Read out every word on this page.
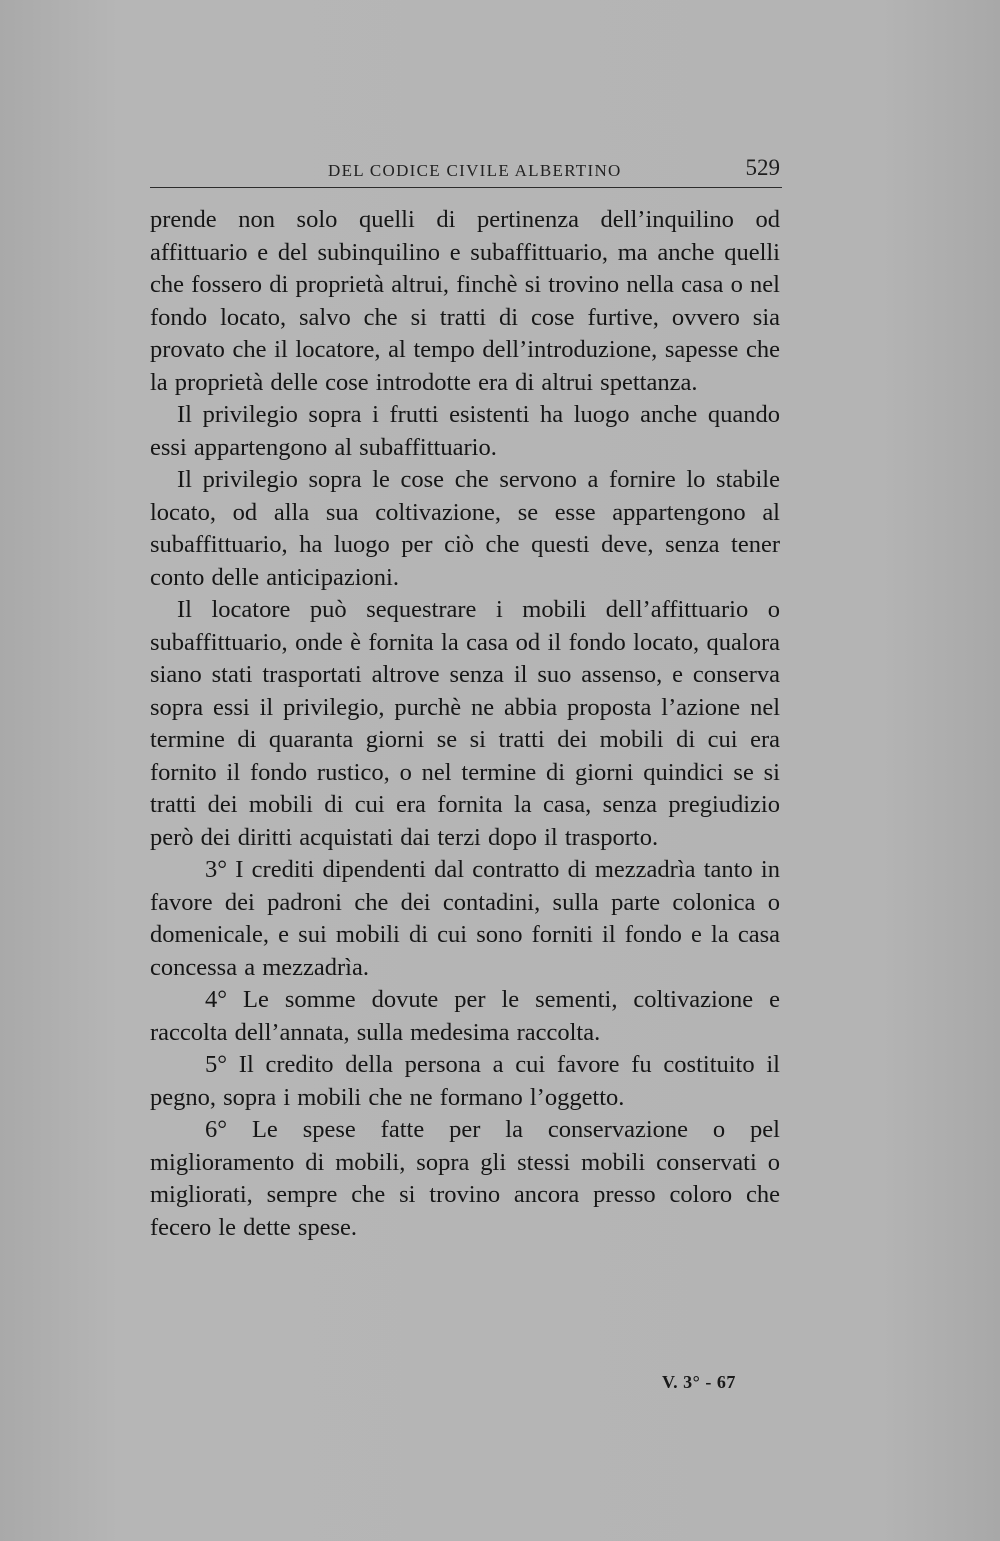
DEL CODICE CIVILE ALBERTINO	529

prende non solo quelli di pertinenza dell’inquilino od affittuario e del subinquilino e subaffittuario, ma anche quelli che fossero di proprietà altrui, finchè si trovino nella casa o nel fondo locato, salvo che si tratti di cose furtive, ovvero sia provato che il locatore, al tempo dell’introduzione, sapesse che la proprietà delle cose introdotte era di altrui spettanza.

Il privilegio sopra i frutti esistenti ha luogo anche quando essi appartengono al subaffittuario.

Il privilegio sopra le cose che servono a fornire lo stabile locato, od alla sua coltivazione, se esse appartengono al subaffittuario, ha luogo per ciò che questi deve, senza tener conto delle anticipazioni.

Il locatore può sequestrare i mobili dell’affittuario o subaffittuario, onde è fornita la casa od il fondo locato, qualora siano stati trasportati altrove senza il suo assenso, e conserva sopra essi il privilegio, purchè ne abbia proposta l’azione nel termine di quaranta giorni se si tratti dei mobili di cui era fornito il fondo rustico, o nel termine di giorni quindici se si tratti dei mobili di cui era fornita la casa, senza pregiudizio però dei diritti acquistati dai terzi dopo il trasporto.

3° I crediti dipendenti dal contratto di mezzadrìa tanto in favore dei padroni che dei contadini, sulla parte colonica o domenicale, e sui mobili di cui sono forniti il fondo e la casa concessa a mezzadrìa.

4° Le somme dovute per le sementi, coltivazione e raccolta dell’annata, sulla medesima raccolta.

5° Il credito della persona a cui favore fu costituito il pegno, sopra i mobili che ne formano l’oggetto.

6° Le spese fatte per la conservazione o pel miglioramento di mobili, sopra gli stessi mobili conservati o migliorati, sempre che si trovino ancora presso coloro che fecero le dette spese.

V. 3° - 67
